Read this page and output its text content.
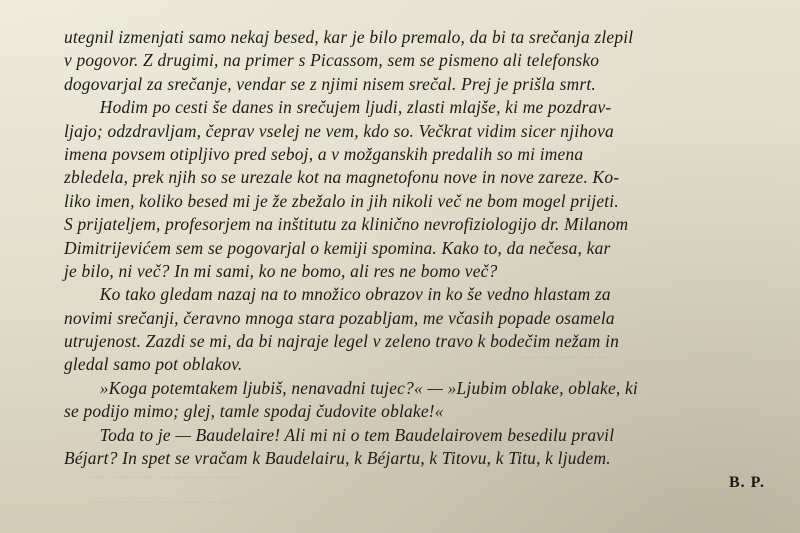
··· ···· ···· ·· ····· ······
······ ·· ······· ····· ···· ······ ····· ·· ······
····· ··· ········· ····· ······· ······ ·······
utegnil izmenjati samo nekaj besed, kar je bilo premalo, da bi ta srečanja zlepil
v pogovor. Z drugimi, na primer s Picassom, sem se pismeno ali telefonsko
dogovarjal za srečanje, vendar se z njimi nisem srečal. Prej je prišla smrt.
Hodim po cesti še danes in srečujem ljudi, zlasti mlajše, ki me pozdrav-
ljajo; odzdravljam, čeprav vselej ne vem, kdo so. Večkrat vidim sicer njihova
imena povsem otipljivo pred seboj, a v možganskih predalih so mi imena
zbledela, prek njih so se urezale kot na magnetofonu nove in nove zareze. Ko-
liko imen, koliko besed mi je že zbežalo in jih nikoli več ne bom mogel prijeti.
S prijateljem, profesorjem na inštitutu za klinično nevrofiziologijo dr. Milanom
Dimitrijevićem sem se pogovarjal o kemiji spomina. Kako to, da nečesa, kar
je bilo, ni več? In mi sami, ko ne bomo, ali res ne bomo več?
Ko tako gledam nazaj na to množico obrazov in ko še vedno hlastam za
novimi srečanji, čeravno mnoga stara pozabljam, me včasih popade osamela
utrujenost. Zazdi se mi, da bi najraje legel v zeleno travo k bodečim nežam in
gledal samo pot oblakov.
»Koga potemtakem ljubiš, nenavadni tujec?« — »Ljubim oblake, oblake, ki
se podijo mimo; glej, tamle spodaj čudovite oblake!«
Toda to je — Baudelaire! Ali mi ni o tem Baudelairovem besedilu pravil
Béjart? In spet se vračam k Baudelairu, k Béjartu, k Titovu, k Titu, k ljudem.
B. P.
